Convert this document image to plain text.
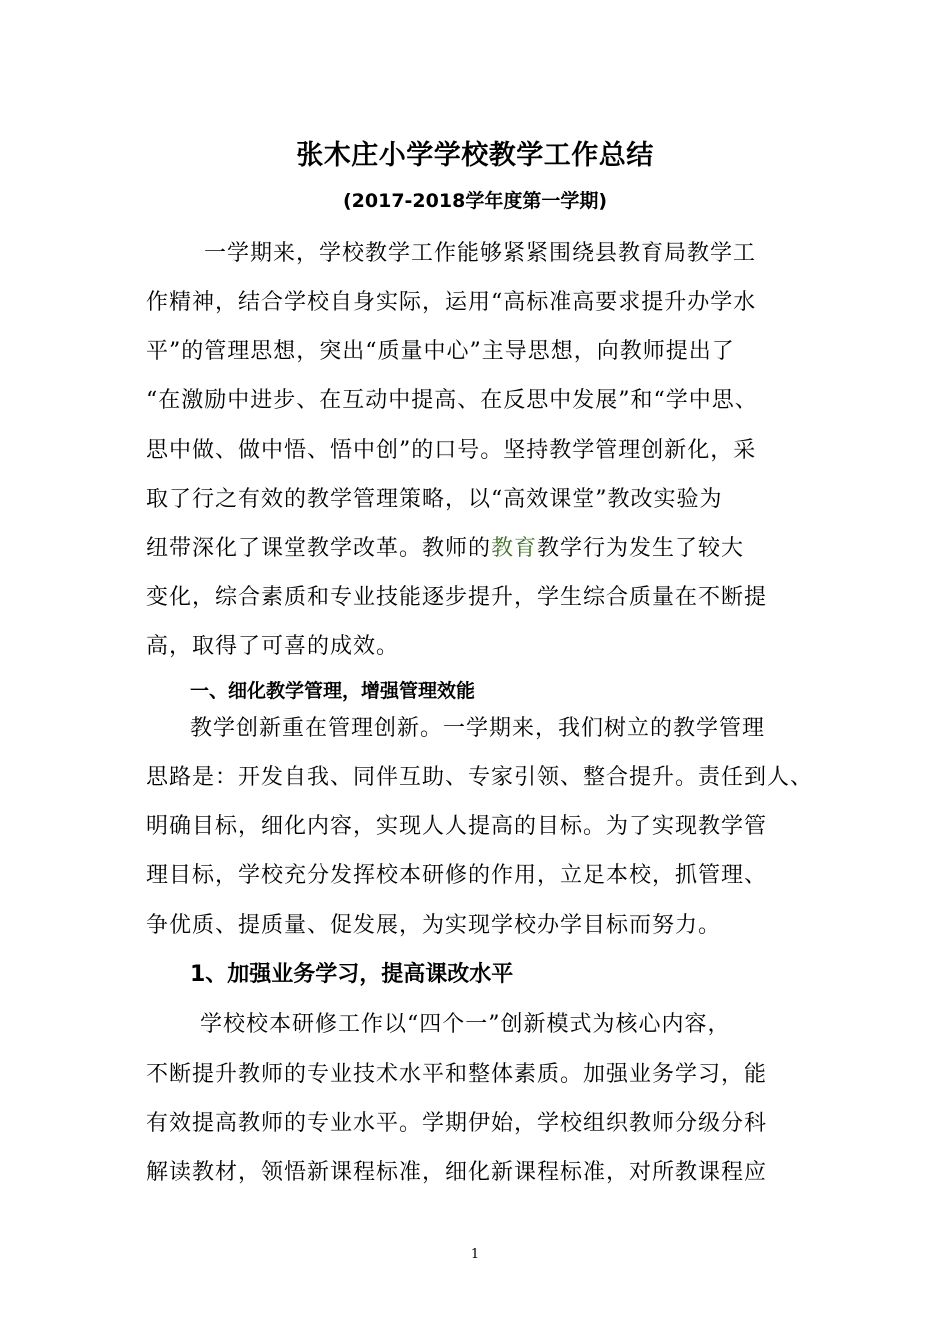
张木庄小学学校教学工作总结
(2017-2018学年度第一学期)
一学期来，学校教学工作能够紧紧围绕县教育局教学工
作精神，结合学校自身实际，运用“高标准高要求提升办学水
平”的管理思想，突出“质量中心”主导思想，向教师提出了
“在激励中进步、在互动中提高、在反思中发展”和“学中思、
思中做、做中悟、悟中创”的口号。坚持教学管理创新化，采
取了行之有效的教学管理策略，以“高效课堂”教改实验为
纽带深化了课堂教学改革。教师的教育教学行为发生了较大
变化，综合素质和专业技能逐步提升，学生综合质量在不断提
高，取得了可喜的成效。
一、细化教学管理，增强管理效能
教学创新重在管理创新。一学期来，我们树立的教学管理
思路是：开发自我、同伴互助、专家引领、整合提升。责任到人、
明确目标，细化内容，实现人人提高的目标。为了实现教学管
理目标，学校充分发挥校本研修的作用，立足本校，抓管理、
争优质、提质量、促发展，为实现学校办学目标而努力。
1、加强业务学习，提高课改水平
学校校本研修工作以“四个一”创新模式为核心内容，
不断提升教师的专业技术水平和整体素质。加强业务学习，能
有效提高教师的专业水平。学期伊始，学校组织教师分级分科
解读教材，领悟新课程标准，细化新课程标准，对所教课程应
1
